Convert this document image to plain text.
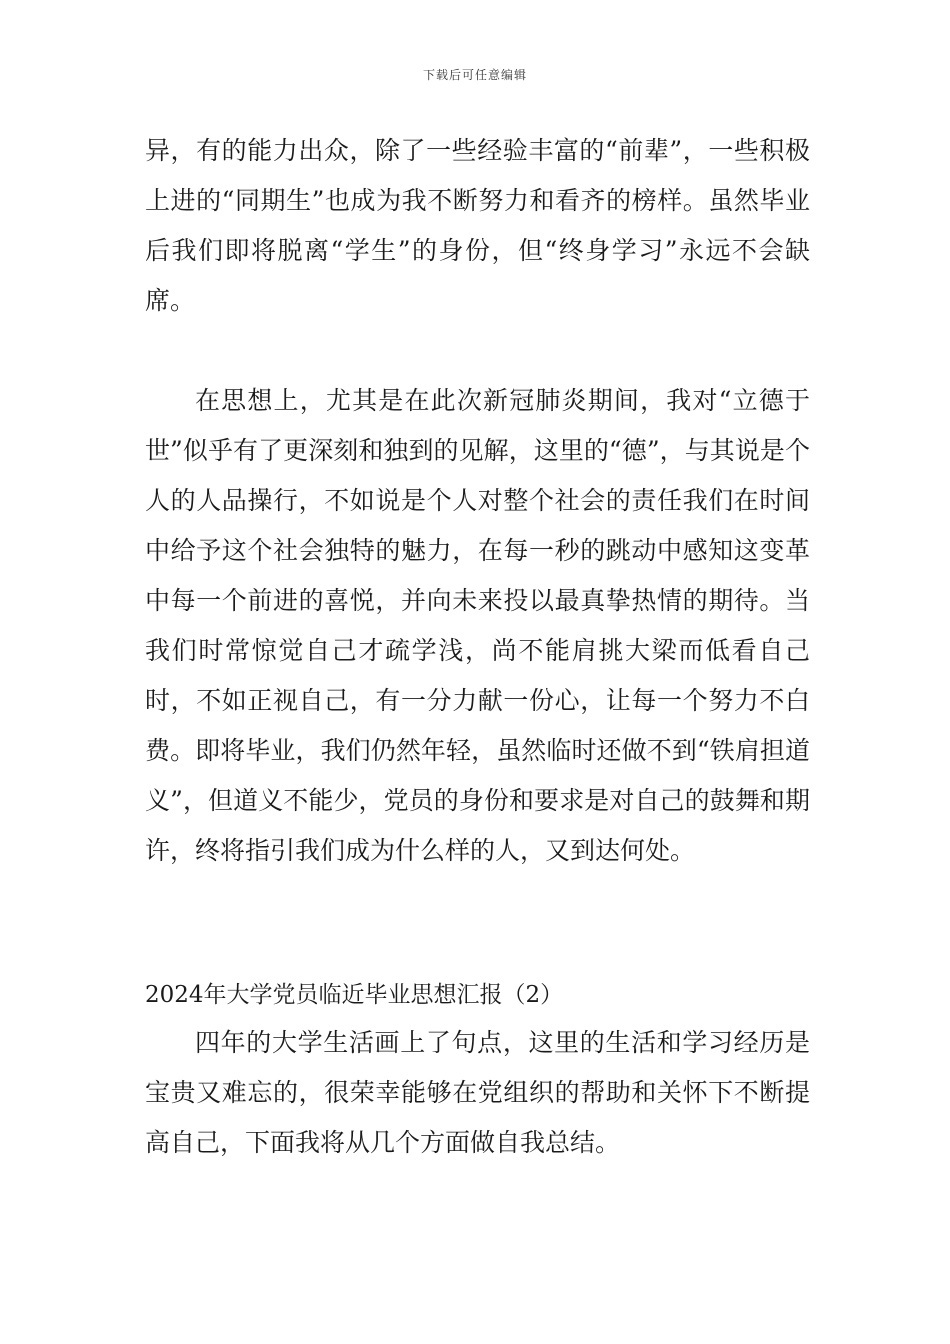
下载后可任意编辑

异，有的能力出众，除了一些经验丰富的“前辈”，一些积极上进的“同期生”也成为我不断努力和看齐的榜样。虽然毕业后我们即将脱离“学生”的身份，但“终身学习”永远不会缺席。

在思想上，尤其是在此次新冠肺炎期间，我对“立德于世”似乎有了更深刻和独到的见解，这里的“德”，与其说是个人的人品操行，不如说是个人对整个社会的责任我们在时间中给予这个社会独特的魅力，在每一秒的跳动中感知这变革中每一个前进的喜悦，并向未来投以最真挚热情的期待。当我们时常惊觉自己才疏学浅，尚不能肩挑大梁而低看自己时，不如正视自己，有一分力献一份心，让每一个努力不白费。即将毕业，我们仍然年轻，虽然临时还做不到“铁肩担道义”，但道义不能少，党员的身份和要求是对自己的鼓舞和期许，终将指引我们成为什么样的人，又到达何处。

2024年大学党员临近毕业思想汇报（2）

四年的大学生活画上了句点，这里的生活和学习经历是宝贵又难忘的，很荣幸能够在党组织的帮助和关怀下不断提高自己，下面我将从几个方面做自我总结。
